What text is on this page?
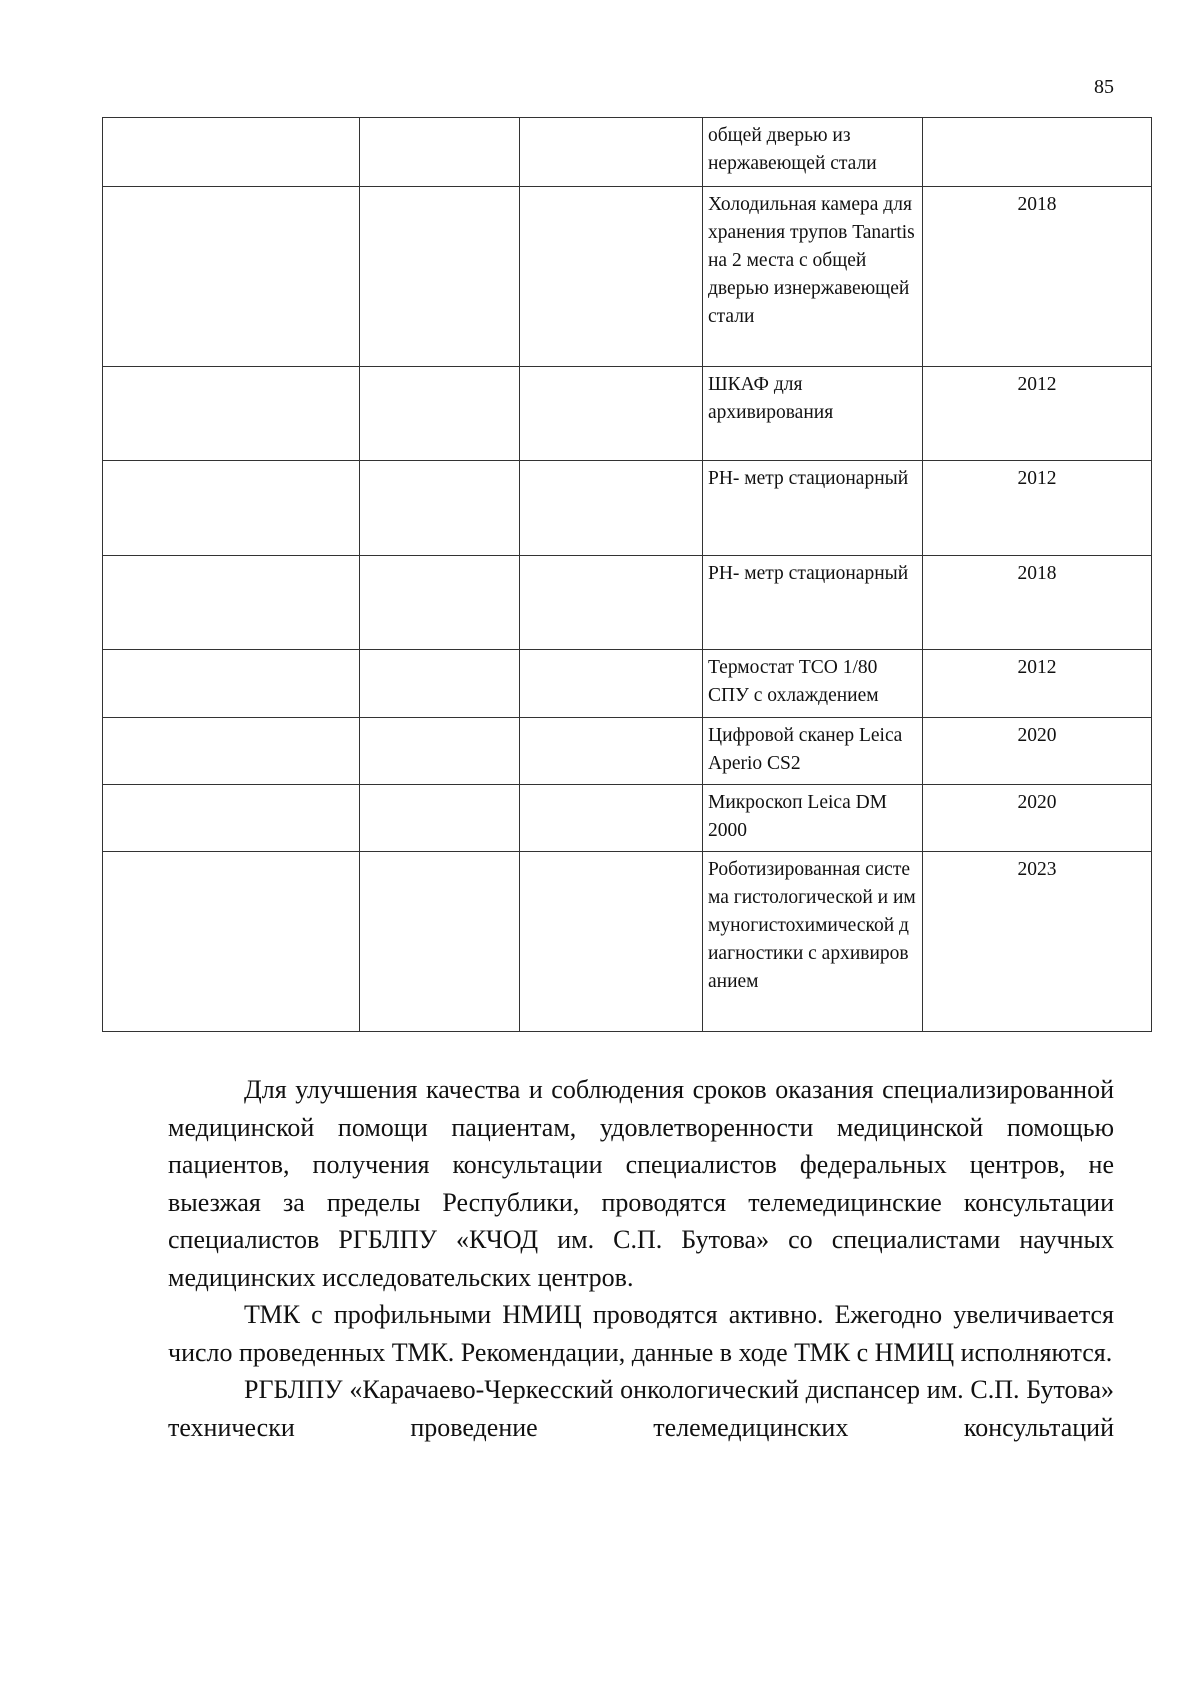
85
			общей дверью из нержавеющей стали	
			Холодильная камера для хранения трупов Tanartis на 2 места с общей дверью изнержавеющей стали	2018
			ШКАФ для архивирования	2012
			РН- метр стационарный	2012
			РН- метр стационарный	2018
			Термостат ТСО 1/80 СПУ с охлаждением	2012
			Цифровой сканер Leica Aperio CS2	2020
			Микроскоп Leica DM 2000	2020
			Роботизированная система гистологической и иммуногистохимической диагностики с архивированием	2023

Для улучшения качества и соблюдения сроков оказания специализированной медицинской помощи пациентам, удовлетворенности медицинской помощью пациентов, получения консультации специалистов федеральных центров, не выезжая за пределы Республики, проводятся телемедицинские консультации специалистов РГБЛПУ «КЧОД им. С.П. Бутова» со специалистами научных медицинских исследовательских центров.

ТМК с профильными НМИЦ проводятся активно. Ежегодно увеличивается число проведенных ТМК. Рекомендации, данные в ходе ТМК с НМИЦ исполняются.

РГБЛПУ «Карачаево-Черкесский онкологический диспансер им. С.П. Бутова» технически проведение телемедицинских консультаций
